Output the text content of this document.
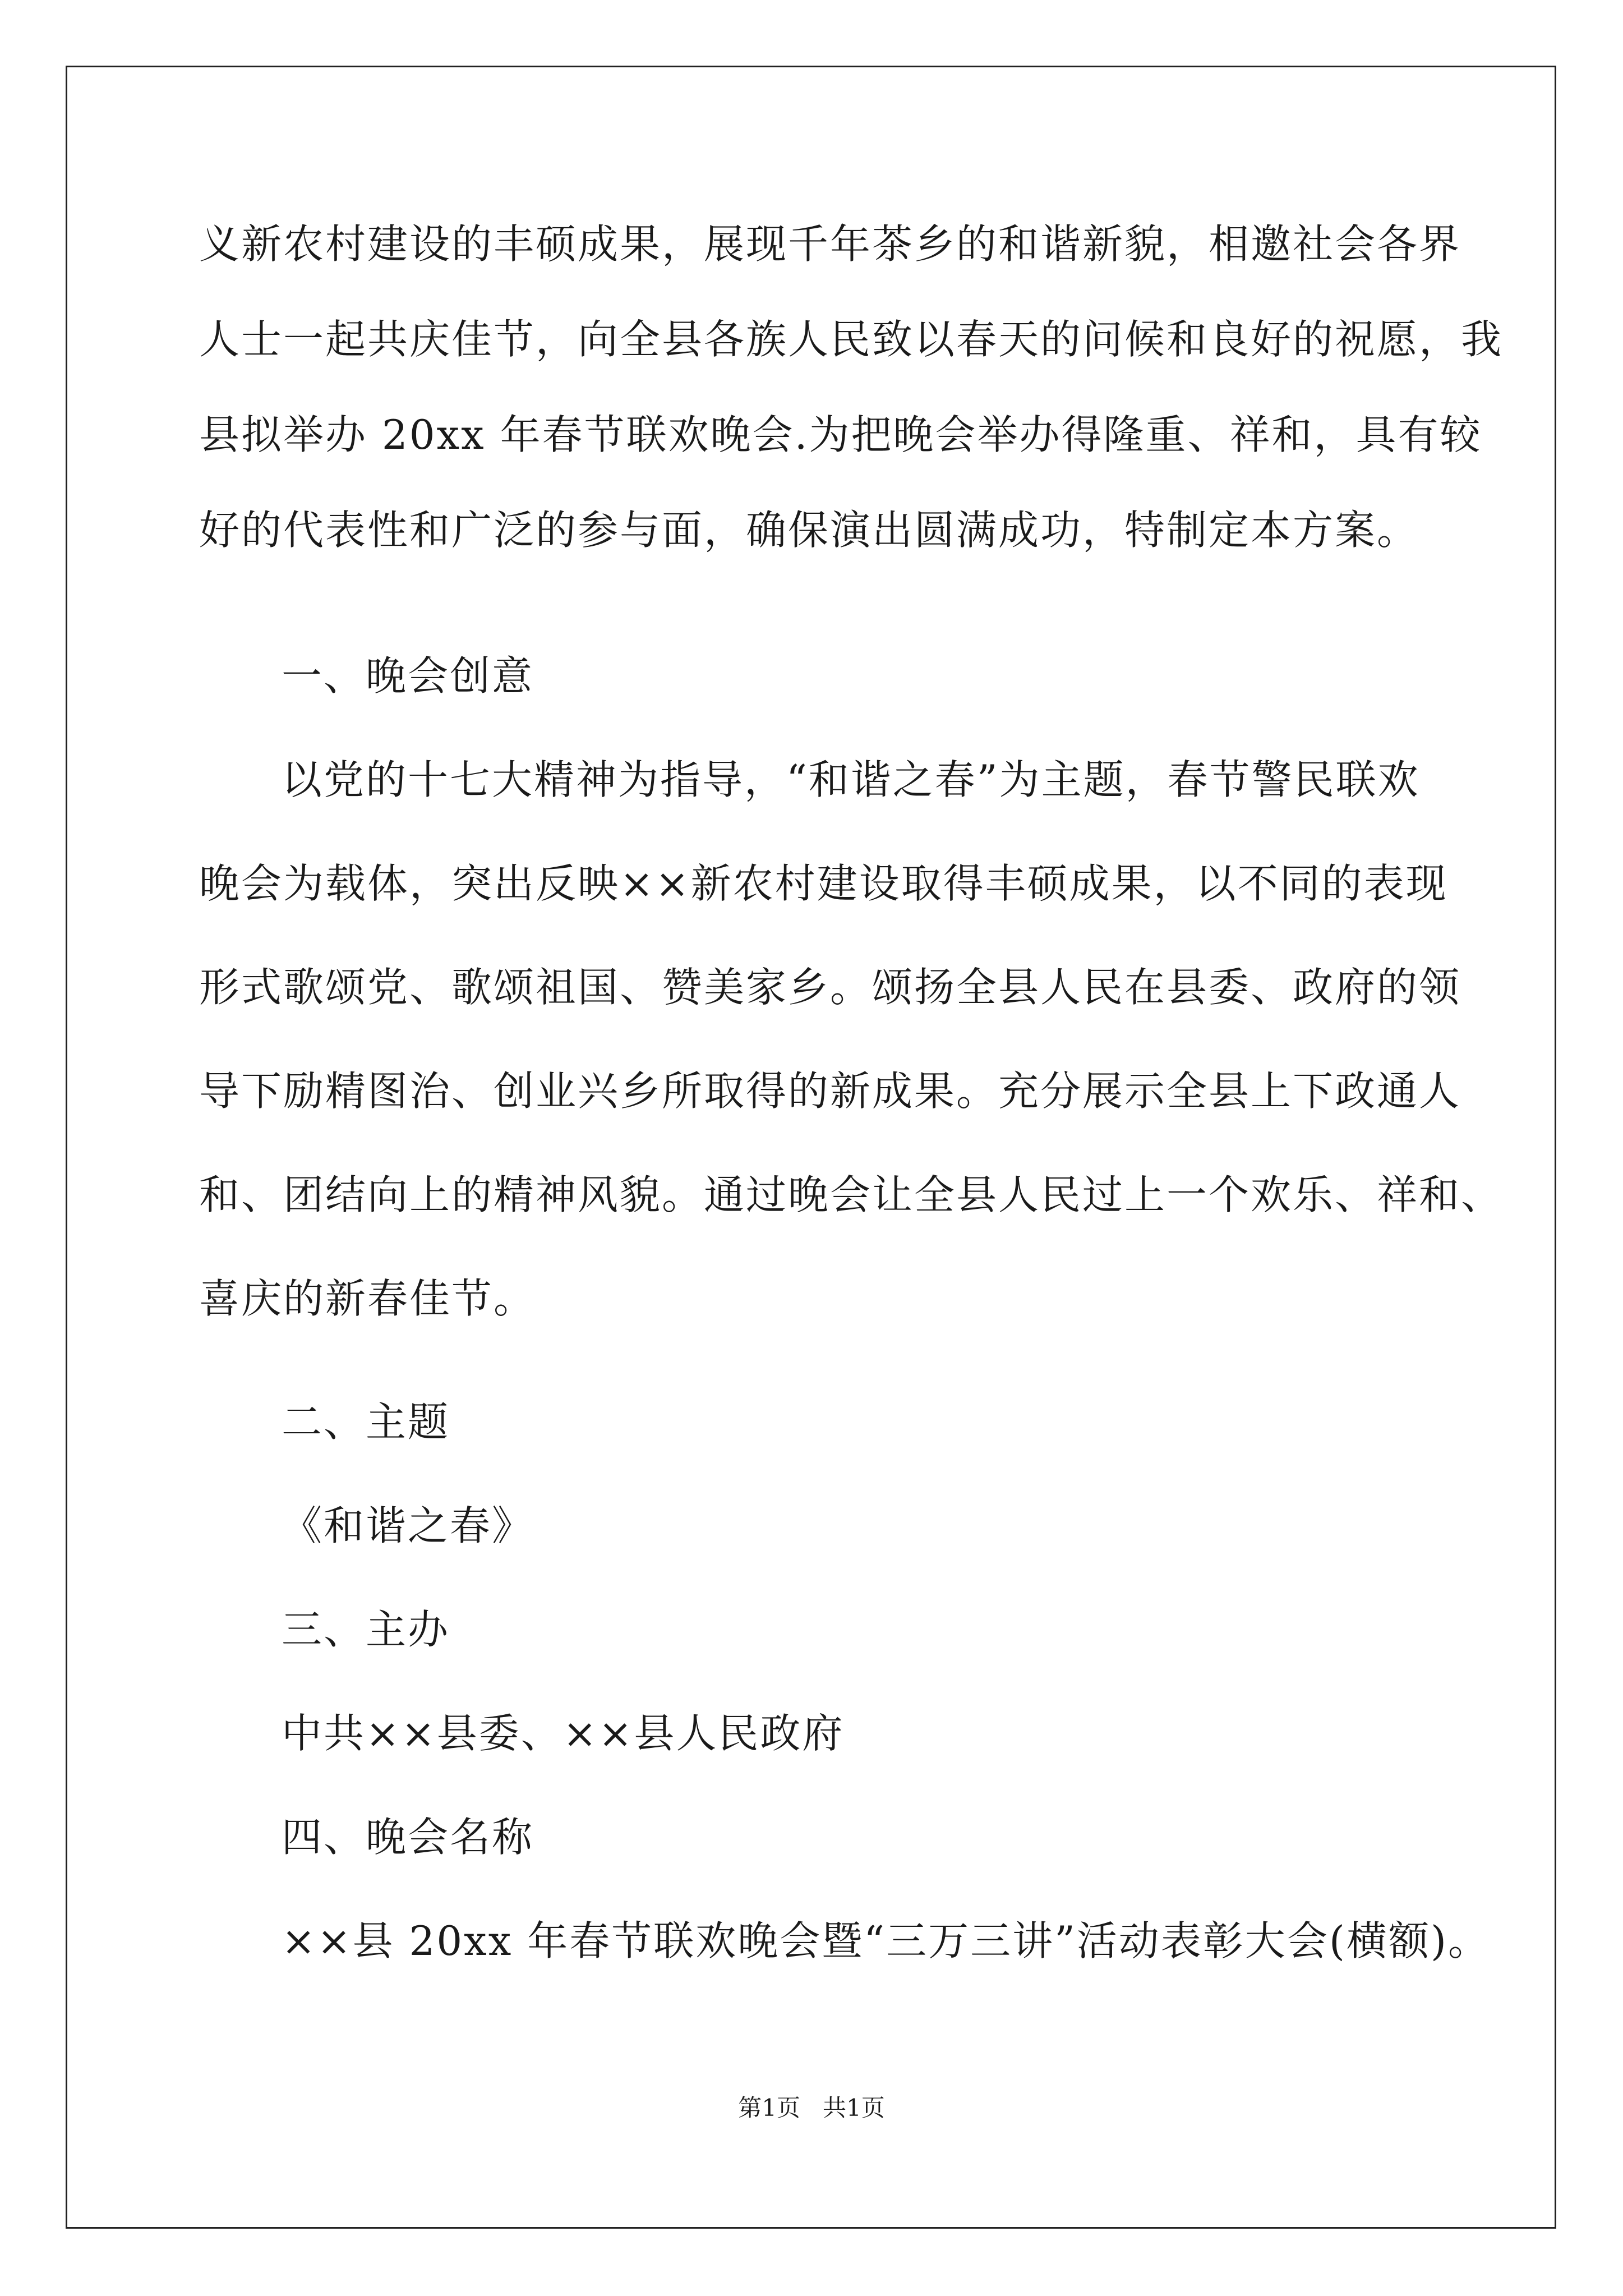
义新农村建设的丰硕成果，展现千年茶乡的和谐新貌，相邀社会各界
人士一起共庆佳节，向全县各族人民致以春天的问候和良好的祝愿，我
县拟举办 20xx 年春节联欢晚会.为把晚会举办得隆重、祥和，具有较
好的代表性和广泛的参与面，确保演出圆满成功，特制定本方案。
一、晚会创意
以党的十七大精神为指导，“和谐之春”为主题，春节警民联欢
晚会为载体，突出反映××新农村建设取得丰硕成果，以不同的表现
形式歌颂党、歌颂祖国、赞美家乡。颂扬全县人民在县委、政府的领
导下励精图治、创业兴乡所取得的新成果。充分展示全县上下政通人
和、团结向上的精神风貌。通过晚会让全县人民过上一个欢乐、祥和、
喜庆的新春佳节。
二、主题
《和谐之春》
三、主办
中共××县委、××县人民政府
四、晚会名称
××县 20xx 年春节联欢晚会暨“三万三讲”活动表彰大会(横额)。
第1页   共1页
